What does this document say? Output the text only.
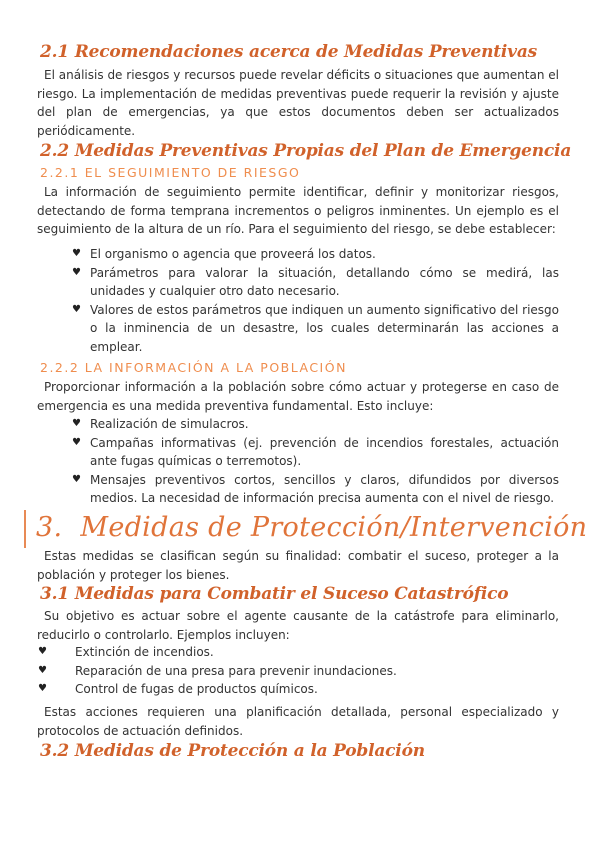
2.1 Recomendaciones acerca de Medidas Preventivas
El análisis de riesgos y recursos puede revelar déficits o situaciones que aumentan el riesgo. La implementación de medidas preventivas puede requerir la revisión y ajuste del plan de emergencias, ya que estos documentos deben ser actualizados periódicamente.
2.2 Medidas Preventivas Propias del Plan de Emergencia
2.2.1 EL SEGUIMIENTO DE RIESGO
La información de seguimiento permite identificar, definir y monitorizar riesgos, detectando de forma temprana incrementos o peligros inminentes. Un ejemplo es el seguimiento de la altura de un río. Para el seguimiento del riesgo, se debe establecer:
♥ El organismo o agencia que proveerá los datos.
♥ Parámetros para valorar la situación, detallando cómo se medirá, las unidades y cualquier otro dato necesario.
♥ Valores de estos parámetros que indiquen un aumento significativo del riesgo o la inminencia de un desastre, los cuales determinarán las acciones a emplear.
2.2.2 LA INFORMACIÓN A LA POBLACIÓN
Proporcionar información a la población sobre cómo actuar y protegerse en caso de emergencia es una medida preventiva fundamental. Esto incluye:
♥ Realización de simulacros.
♥ Campañas informativas (ej. prevención de incendios forestales, actuación ante fugas químicas o terremotos).
♥ Mensajes preventivos cortos, sencillos y claros, difundidos por diversos medios. La necesidad de información precisa aumenta con el nivel de riesgo.
3. Medidas de Protección/Intervención
Estas medidas se clasifican según su finalidad: combatir el suceso, proteger a la población y proteger los bienes.
3.1 Medidas para Combatir el Suceso Catastrófico
Su objetivo es actuar sobre el agente causante de la catástrofe para eliminarlo, reducirlo o controlarlo. Ejemplos incluyen:
♥ Extinción de incendios.
♥ Reparación de una presa para prevenir inundaciones.
♥ Control de fugas de productos químicos.
Estas acciones requieren una planificación detallada, personal especializado y protocolos de actuación definidos.
3.2 Medidas de Protección a la Población
